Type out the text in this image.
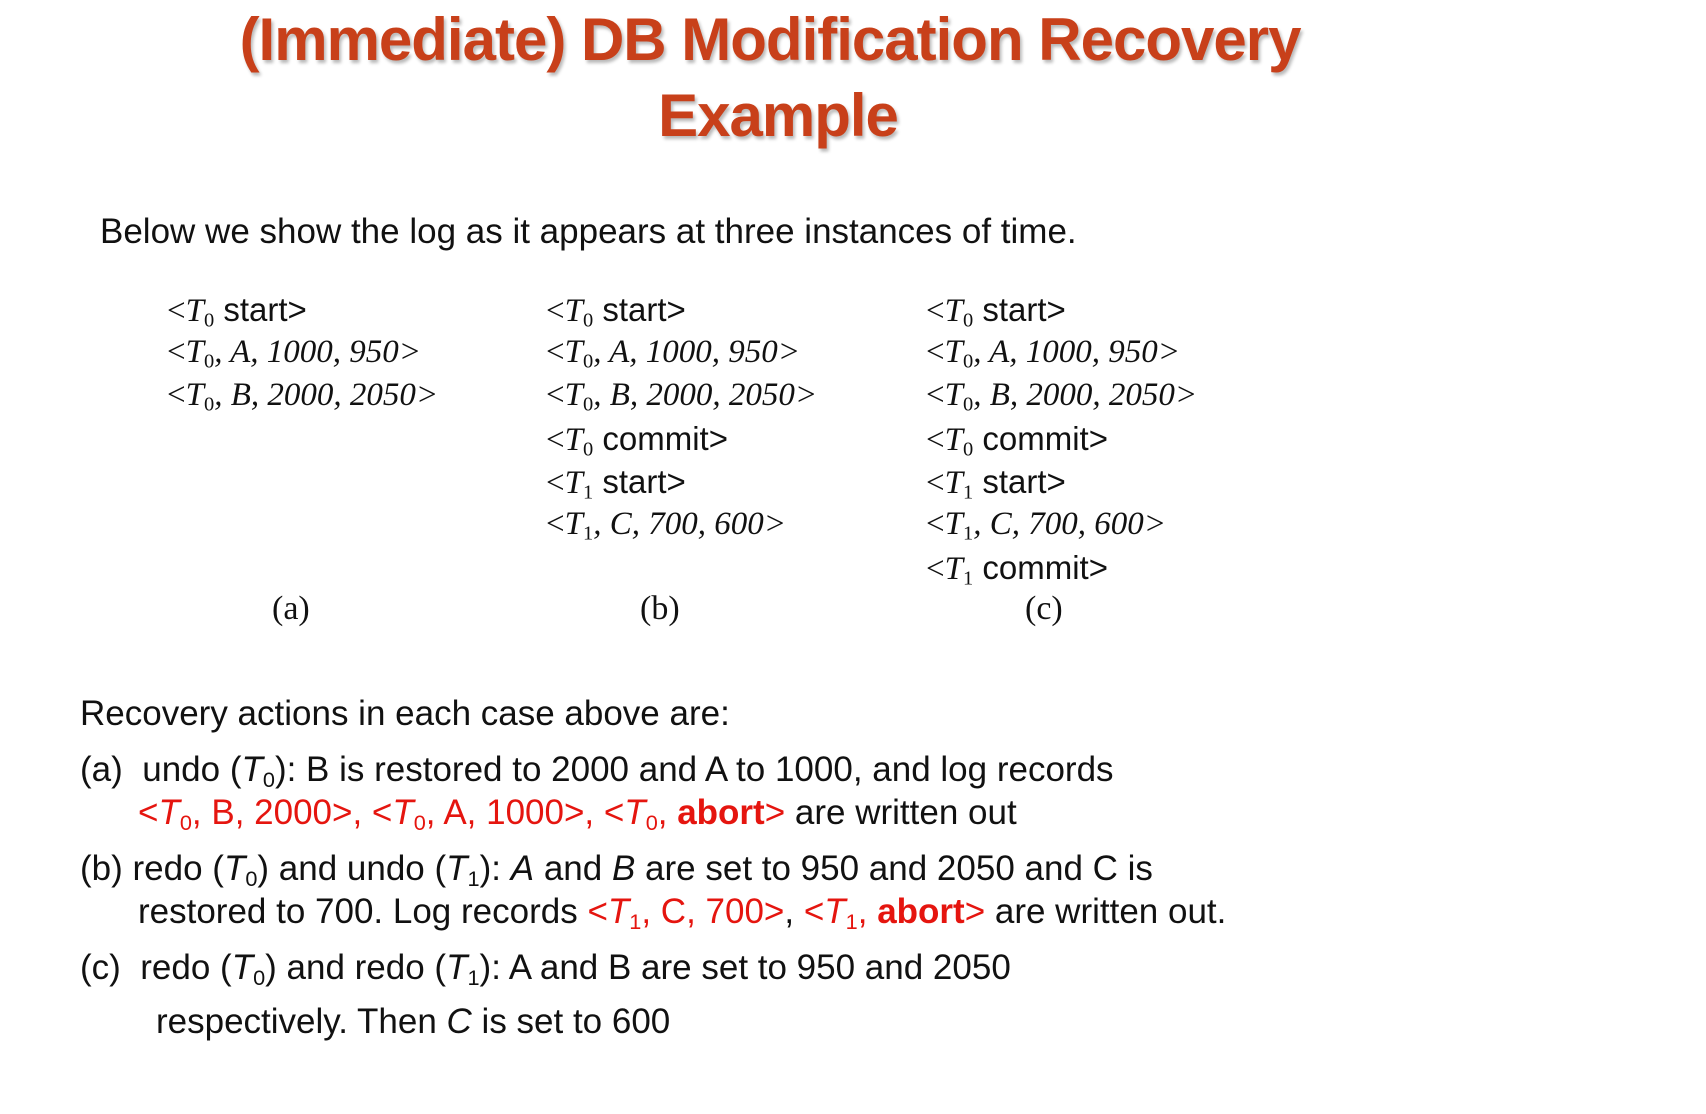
(Immediate) DB Modification Recovery
Example
Below we show the log as it appears at three instances of time.
$<T_0$ start>
$<T_0$, A, 1000, 950>
$<T_0$, B, 2000, 2050>
(a)
$<T_0$ start>
$<T_0$, A, 1000, 950>
$<T_0$, B, 2000, 2050>
$<T_0$ commit>
$<T_1$ start>
$<T_1$, C, 700, 600>
(b)
$<T_0$ start>
$<T_0$, A, 1000, 950>
$<T_0$, B, 2000, 2050>
$<T_0$ commit>
$<T_1$ start>
$<T_1$, C, 700, 600>
$<T_1$ commit>
(c)
Recovery actions in each case above are:
(a) undo $(T_0)$: B is restored to 2000 and A to 1000, and log records
$<T_0$, B, 2000>, $<T_0$, A, 1000>, $<T_0$, abort> are written out
(b) redo $(T_0)$ and undo $(T_1)$: A and B are set to 950 and 2050 and C is
restored to 700. Log records $<T_1$, C, 700>, $<T_1$, abort> are written out.
(c) redo $(T_0)$ and redo $(T_1)$: A and B are set to 950 and 2050
respectively. Then C is set to 600
